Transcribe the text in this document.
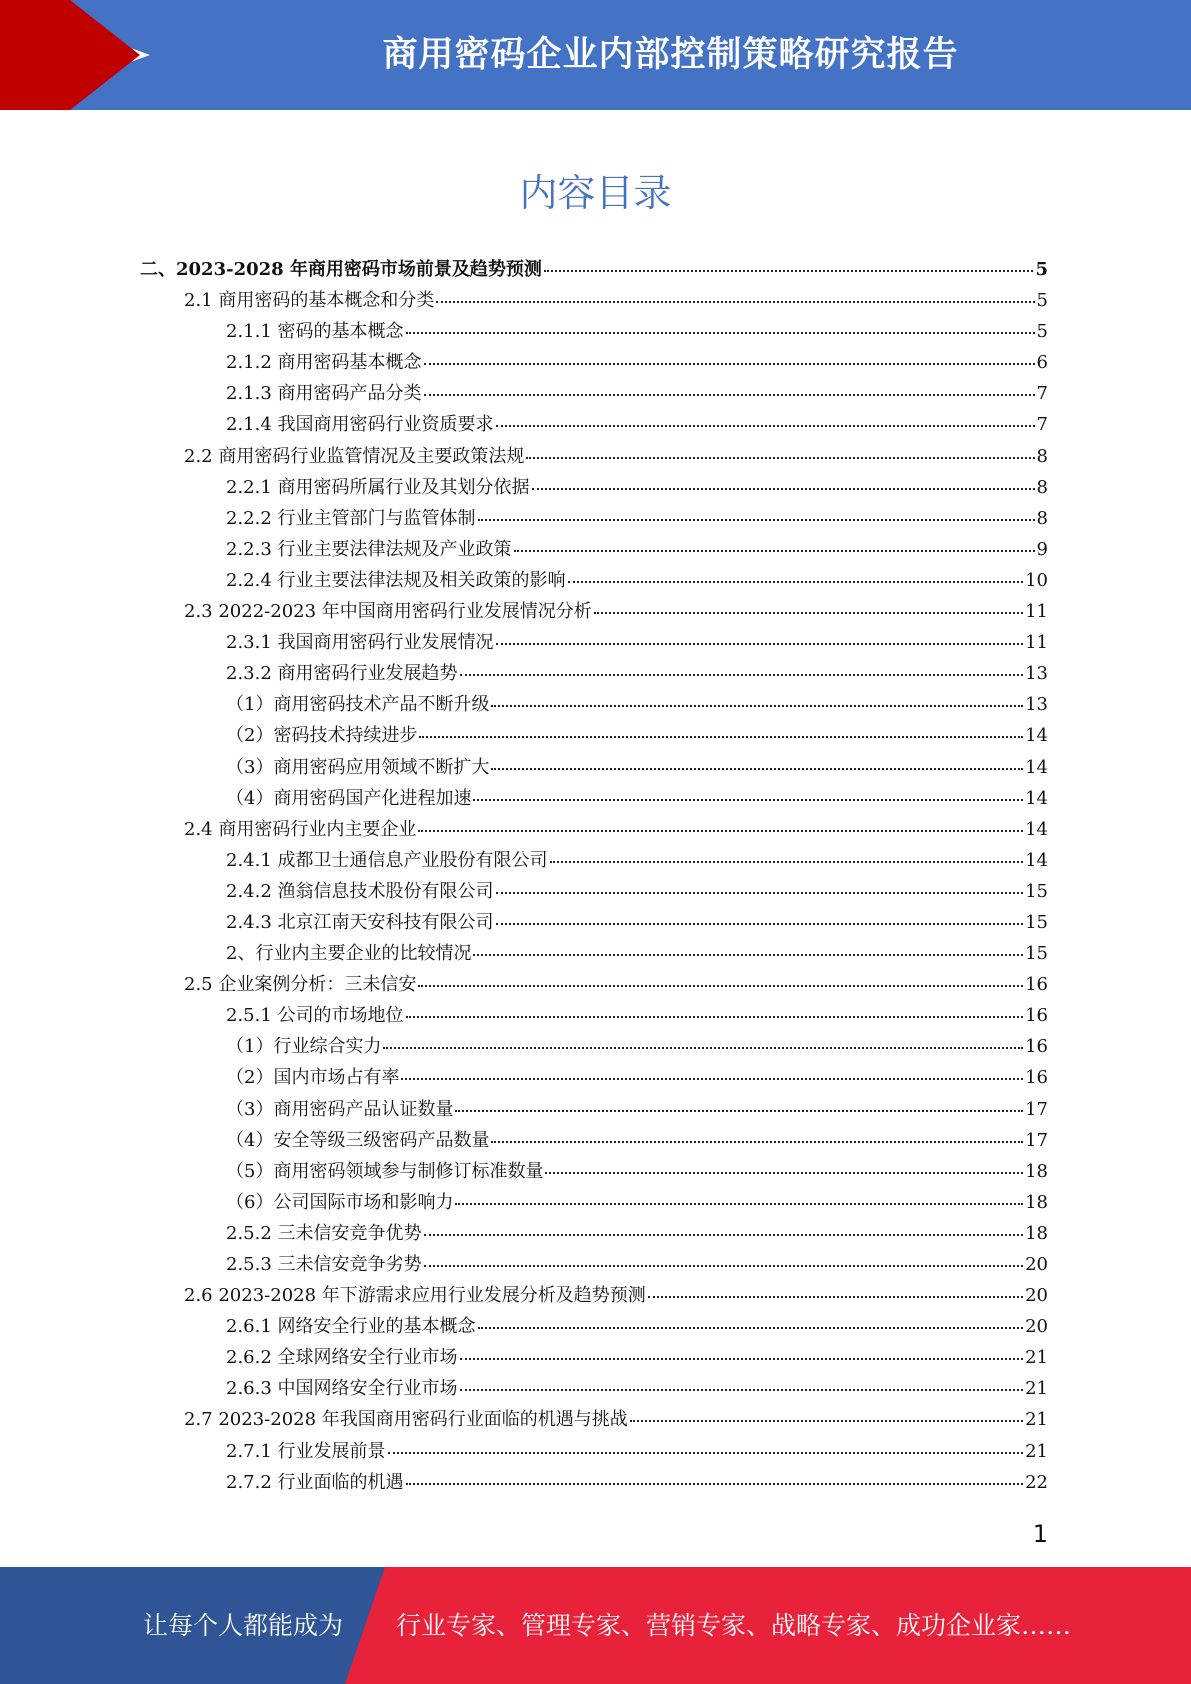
商用密码企业内部控制策略研究报告
内容目录
二、2023-2028 年商用密码市场前景及趋势预测	5
2.1 商用密码的基本概念和分类	5
2.1.1 密码的基本概念	5
2.1.2 商用密码基本概念	6
2.1.3 商用密码产品分类	7
2.1.4 我国商用密码行业资质要求	7
2.2 商用密码行业监管情况及主要政策法规	8
2.2.1 商用密码所属行业及其划分依据	8
2.2.2 行业主管部门与监管体制	8
2.2.3 行业主要法律法规及产业政策	9
2.2.4 行业主要法律法规及相关政策的影响	10
2.3 2022-2023 年中国商用密码行业发展情况分析	11
2.3.1 我国商用密码行业发展情况	11
2.3.2 商用密码行业发展趋势	13
（1）商用密码技术产品不断升级	13
（2）密码技术持续进步	14
（3）商用密码应用领域不断扩大	14
（4）商用密码国产化进程加速	14
2.4 商用密码行业内主要企业	14
2.4.1 成都卫士通信息产业股份有限公司	14
2.4.2 渔翁信息技术股份有限公司	15
2.4.3 北京江南天安科技有限公司	15
2、行业内主要企业的比较情况	15
2.5 企业案例分析：三未信安	16
2.5.1 公司的市场地位	16
（1）行业综合实力	16
（2）国内市场占有率	16
（3）商用密码产品认证数量	17
（4）安全等级三级密码产品数量	17
（5）商用密码领域参与制修订标准数量	18
（6）公司国际市场和影响力	18
2.5.2 三未信安竞争优势	18
2.5.3 三未信安竞争劣势	20
2.6 2023-2028 年下游需求应用行业发展分析及趋势预测	20
2.6.1 网络安全行业的基本概念	20
2.6.2 全球网络安全行业市场	21
2.6.3 中国网络安全行业市场	21
2.7 2023-2028 年我国商用密码行业面临的机遇与挑战	21
2.7.1 行业发展前景	21
2.7.2 行业面临的机遇	22
1
让每个人都能成为 行业专家、管理专家、营销专家、战略专家、成功企业家……
